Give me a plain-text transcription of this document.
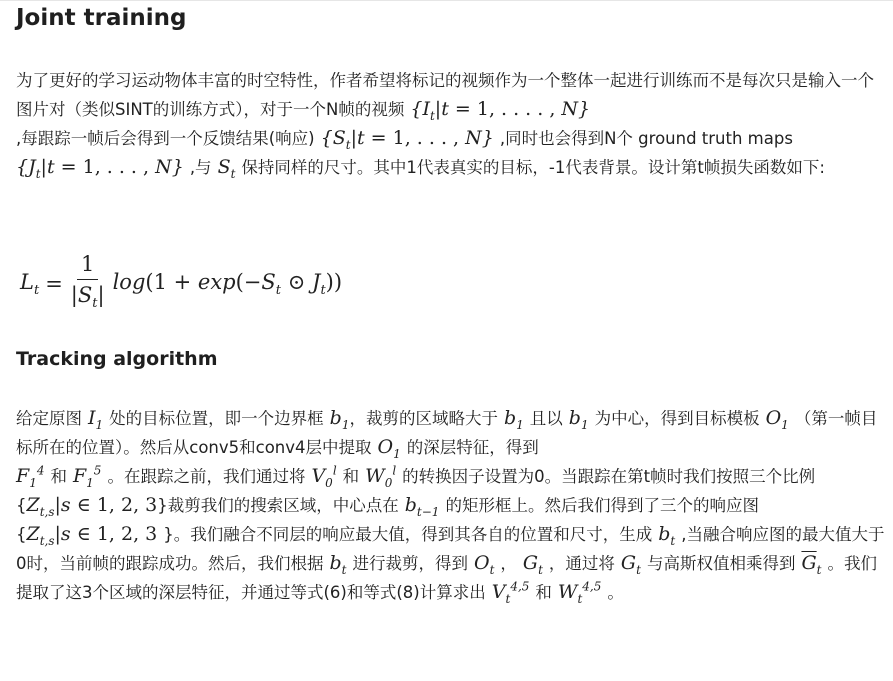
Joint training

为了更好的学习运动物体丰富的时空特性，作者希望将标记的视频作为一个整体一起进行训练而不是每次只是输入一个图片对（类似SINT的训练方式），对于一个N帧的视频 {$I_t|t = 1$, . . . . , N}
,每跟踪一帧后会得到一个反馈结果(响应) {$S_t|t = 1$, . . . , N} ,同时也会得到N个 ground truth $maps\{J_t|t = 1$, . . . , N} ,与 $S_t$ 保持同样的尺寸。其中1代表真实的目标，-1代表背景。设计第t帧损失函数如下:

$L_t = \frac{1}{|S_t|} \log(1 + \exp(-S_t$ ⊙ $J_t$))
Tracking algorithm

给定原图 $I_1$ 处的目标位置，即一个边界框 $b_1$，裁剪的区域略大于 $b_1$ 且以 $b_1$ 为中心，得到目标模板 $O_1$ （第一帧目标所在的位置）。然后从conv5和conv4层中提取 $O_1$ 的深层特征，得到
$F_1^4$ 和 $F_1^5$ 。在跟踪之前，我们通过将 $V_0^l$ 和 $W_0^l$ 的转换因子设置为0。当跟踪在第t帧时我们按照三个比例{$Z_{t,s}|s$ ∈ 1, 2, 3}裁剪我们的搜索区域，中心点在 $b_{t-1}$ 的矩形框上。然后我们得到了三个的响应图{$Z_{t,s}|s$ ∈ 1, 2, 3 }。我们融合不同层的响应最大值，得到其各自的位置和尺寸，生成 $b_t$ ,当融合响应图的最大值大于0时，当前帧的跟踪成功。然后，我们根据 $b_t$ 进行裁剪，得到 $O_t$ ， $G_t$ ，通过将 $G_t$ 与高斯权值相乘得到 $\overline{G}_t$ 。我们提取了这3个区域的深层特征，并通过等式(6)和等式(8)计算求出 $V_t^{4,5}$ 和 $W_t^{4,5}$ 。
